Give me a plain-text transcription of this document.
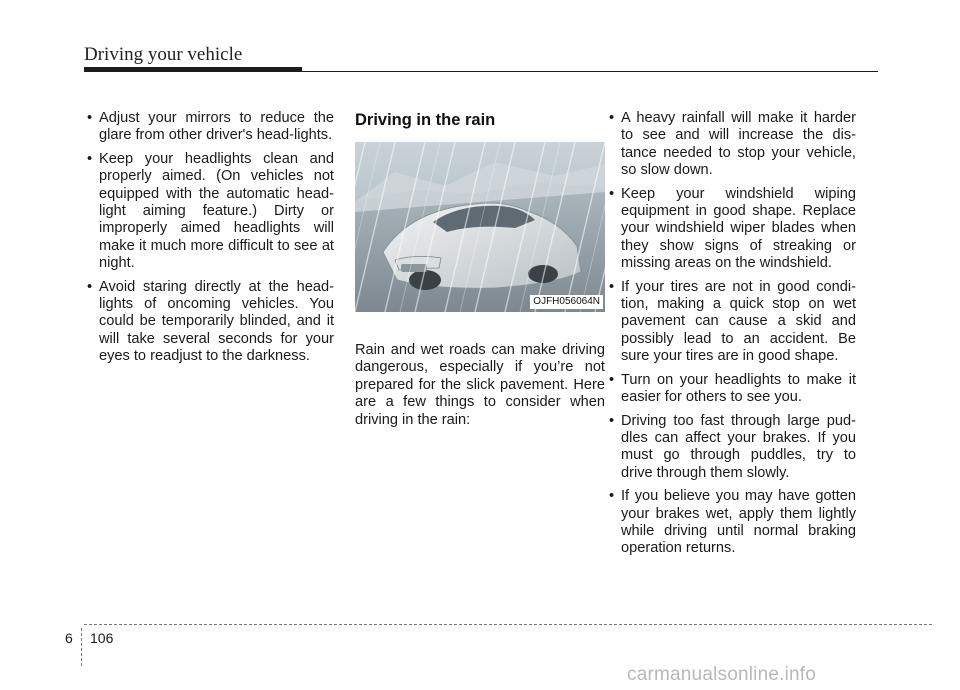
Driving your vehicle
• Adjust your mirrors to reduce the glare from other driver's head-lights.
• Keep your headlights clean and properly aimed. (On vehicles not equipped with the automatic head-light aiming feature.) Dirty or improperly aimed headlights will make it much more difficult to see at night.
• Avoid staring directly at the head-lights of oncoming vehicles. You could be temporarily blinded, and it will take several seconds for your eyes to readjust to the darkness.
Driving in the rain
OJFH056064N
Rain and wet roads can make driving dangerous, especially if you’re not prepared for the slick pavement. Here are a few things to consider when driving in the rain:
• A heavy rainfall will make it harder to see and will increase the dis-tance needed to stop your vehicle, so slow down.
• Keep your windshield wiping equipment in good shape. Replace your windshield wiper blades when they show signs of streaking or missing areas on the windshield.
• If your tires are not in good condi-tion, making a quick stop on wet pavement can cause a skid and possibly lead to an accident. Be sure your tires are in good shape.
• Turn on your headlights to make it easier for others to see you.
• Driving too fast through large pud-dles can affect your brakes. If you must go through puddles, try to drive through them slowly.
• If you believe you may have gotten your brakes wet, apply them lightly while driving until normal braking operation returns.
6 106
carmanualsonline.info
